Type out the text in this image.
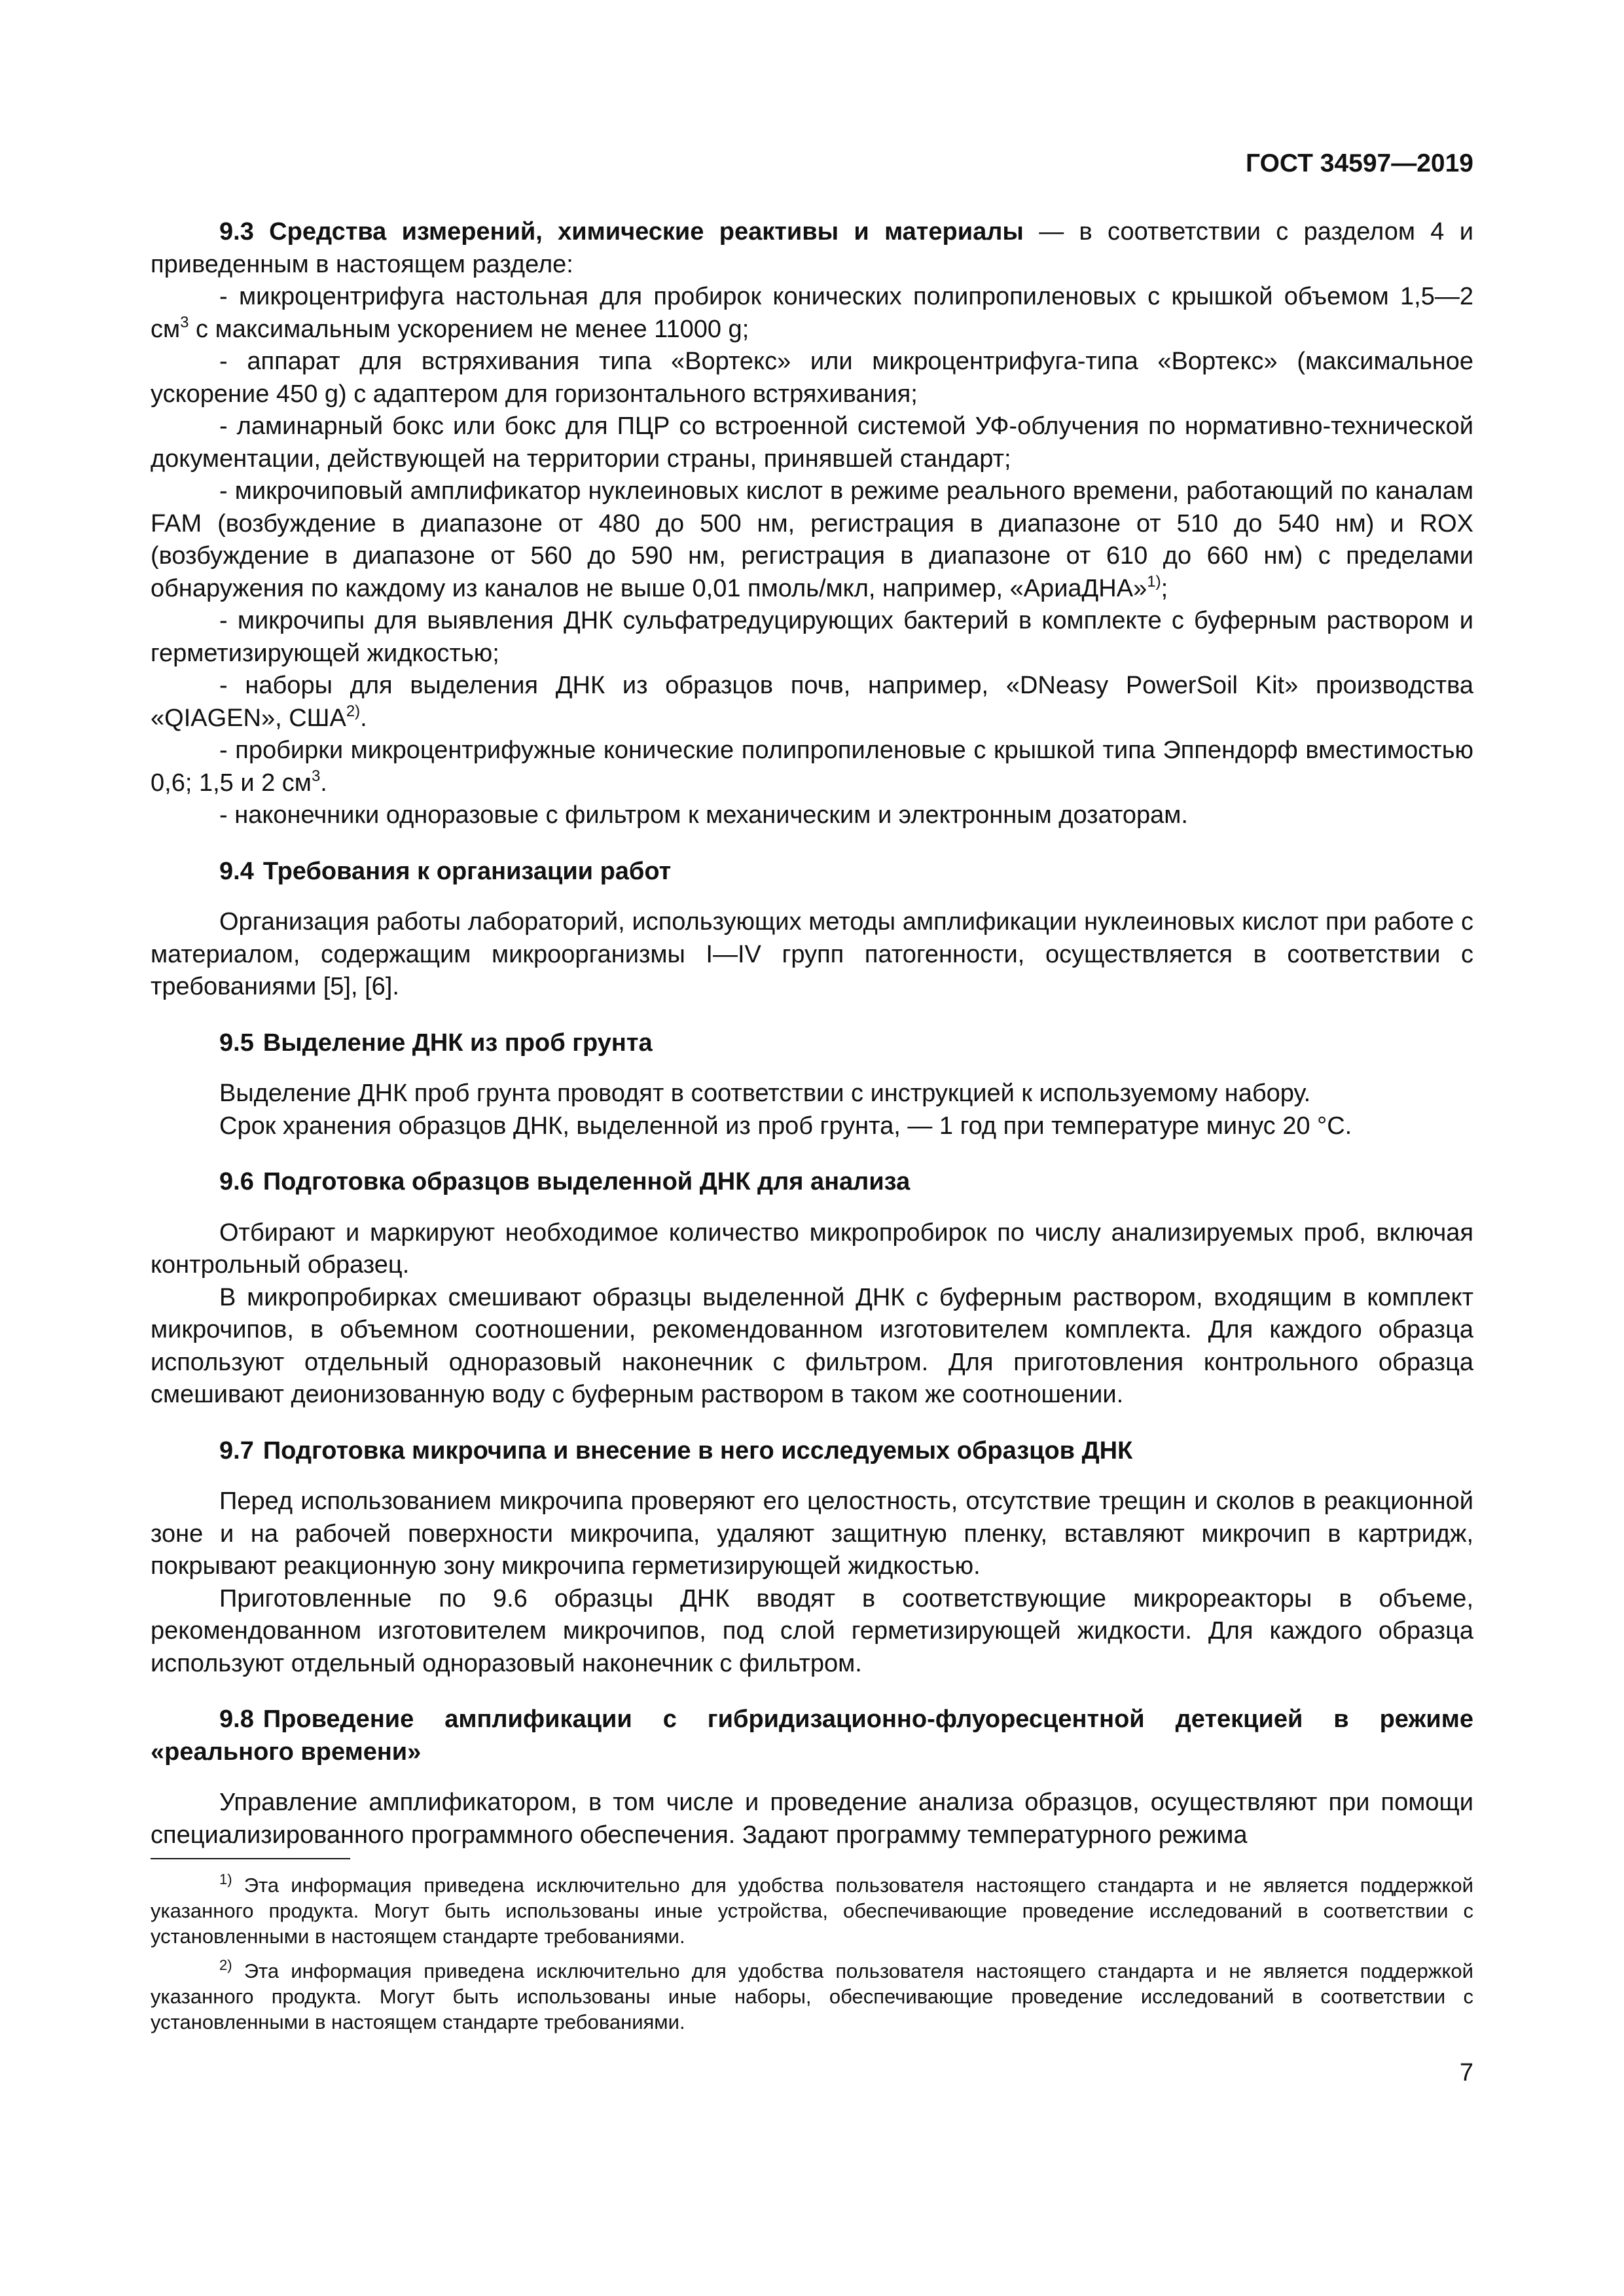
ГОСТ 34597—2019

9.3 Средства измерений, химические реактивы и материалы — в соответствии с разделом 4 и приведенным в настоящем разделе:

- микроцентрифуга настольная для пробирок конических полипропиленовых с крышкой объемом 1,5—2 $см^3$ с максимальным ускорением не менее 11000 g;

- аппарат для встряхивания типа «Вортекс» или микроцентрифуга-типа «Вортекс» (максимальное ускорение 450 g) с адаптером для горизонтального встряхивания;

- ламинарный бокс или бокс для ПЦР со встроенной системой УФ-облучения по нормативно-технической документации, действующей на территории страны, принявшей стандарт;

- микрочиповый амплификатор нуклеиновых кислот в режиме реального времени, работающий по каналам FAM (возбуждение в диапазоне от 480 до 500 нм, регистрация в диапазоне от 510 до 540 нм) и ROX (возбуждение в диапазоне от 560 до 590 нм, регистрация в диапазоне от 610 до 660 нм) с пределами обнаружения по каждому из каналов не выше 0,01 пмоль/мкл, например, «АриаДНА»$^{1)}$;

- микрочипы для выявления ДНК сульфатредуцирующих бактерий в комплекте с буферным раствором и герметизирующей жидкостью;

- наборы для выделения ДНК из образцов почв, например, «DNeasy PowerSoil Kit» производства «QIAGEN», США$^{2)}$.

- пробирки микроцентрифужные конические полипропиленовые с крышкой типа Эппендорф вместимостью 0,6; 1,5 и 2 $см^3$.

- наконечники одноразовые с фильтром к механическим и электронным дозаторам.

9.4 Требования к организации работ

Организация работы лабораторий, использующих методы амплификации нуклеиновых кислот при работе с материалом, содержащим микроорганизмы I—IV групп патогенности, осуществляется в соответствии с требованиями [5], [6].

9.5 Выделение ДНК из проб грунта

Выделение ДНК проб грунта проводят в соответствии с инструкцией к используемому набору.

Срок хранения образцов ДНК, выделенной из проб грунта, — 1 год при температуре минус 20 °С.

9.6 Подготовка образцов выделенной ДНК для анализа

Отбирают и маркируют необходимое количество микропробирок по числу анализируемых проб, включая контрольный образец.

В микропробирках смешивают образцы выделенной ДНК с буферным раствором, входящим в комплект микрочипов, в объемном соотношении, рекомендованном изготовителем комплекта. Для каждого образца используют отдельный одноразовый наконечник с фильтром. Для приготовления контрольного образца смешивают деионизованную воду с буферным раствором в таком же соотношении.

9.7 Подготовка микрочипа и внесение в него исследуемых образцов ДНК

Перед использованием микрочипа проверяют его целостность, отсутствие трещин и сколов в реакционной зоне и на рабочей поверхности микрочипа, удаляют защитную пленку, вставляют микрочип в картридж, покрывают реакционную зону микрочипа герметизирующей жидкостью.

Приготовленные по 9.6 образцы ДНК вводят в соответствующие микрореакторы в объеме, рекомендованном изготовителем микрочипов, под слой герметизирующей жидкости. Для каждого образца используют отдельный одноразовый наконечник с фильтром.

9.8 Проведение амплификации с гибридизационно-флуоресцентной детекцией в режиме «реального времени»

Управление амплификатором, в том числе и проведение анализа образцов, осуществляют при помощи специализированного программного обеспечения. Задают программу температурного режима

$^{1)}$ Эта информация приведена исключительно для удобства пользователя настоящего стандарта и не является поддержкой указанного продукта. Могут быть использованы иные устройства, обеспечивающие проведение исследований в соответствии с установленными в настоящем стандарте требованиями.

$^{2)}$ Эта информация приведена исключительно для удобства пользователя настоящего стандарта и не является поддержкой указанного продукта. Могут быть использованы иные наборы, обеспечивающие проведение исследований в соответствии с установленными в настоящем стандарте требованиями.

7
